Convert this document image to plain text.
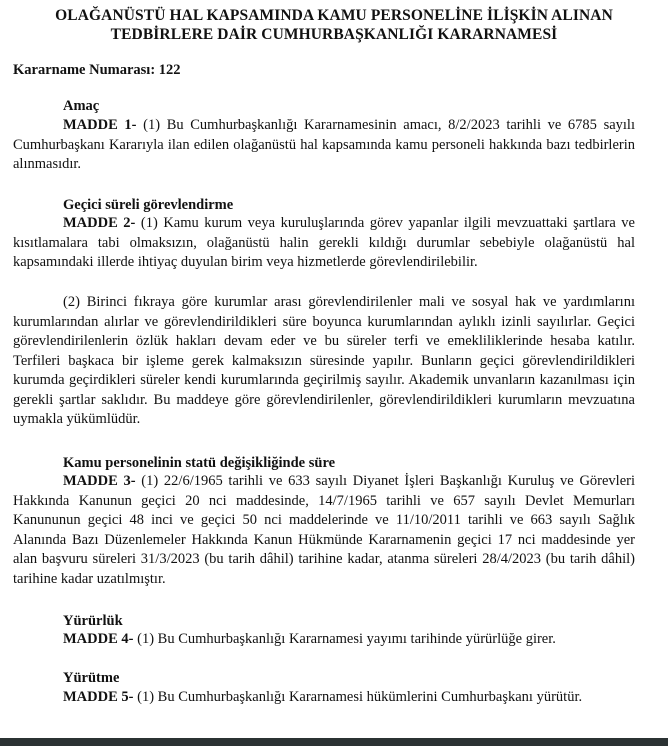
OLAĞANÜSTÜ HAL KAPSAMINDA KAMU PERSONELİNE İLİŞKİN ALINAN
TEDBİRLERE DAİR CUMHURBAŞKANLIĞI KARARNAMESİ
Kararname Numarası: 122
Amaç
MADDE 1- (1) Bu Cumhurbaşkanlığı Kararnamesinin amacı, 8/2/2023 tarihli ve 6785 sayılı Cumhurbaşkanı Kararıyla ilan edilen olağanüstü hal kapsamında kamu personeli hakkında bazı tedbirlerin alınmasıdır.
Geçici süreli görevlendirme
MADDE 2- (1) Kamu kurum veya kuruluşlarında görev yapanlar ilgili mevzuattaki şartlara ve kısıtlamalara tabi olmaksızın, olağanüstü halin gerekli kıldığı durumlar sebebiyle olağanüstü hal kapsamındaki illerde ihtiyaç duyulan birim veya hizmetlerde görevlendirilebilir.
(2) Birinci fıkraya göre kurumlar arası görevlendirilenler mali ve sosyal hak ve yardımlarını kurumlarından alırlar ve görevlendirildikleri süre boyunca kurumlarından aylıklı izinli sayılırlar. Geçici görevlendirilenlerin özlük hakları devam eder ve bu süreler terfi ve emekliliklerinde hesaba katılır. Terfileri başkaca bir işleme gerek kalmaksızın süresinde yapılır. Bunların geçici görevlendirildikleri kurumda geçirdikleri süreler kendi kurumlarında geçirilmiş sayılır. Akademik unvanların kazanılması için gerekli şartlar saklıdır. Bu maddeye göre görevlendirilenler, görevlendirildikleri kurumların mevzuatına uymakla yükümlüdür.
Kamu personelinin statü değişikliğinde süre
MADDE 3- (1) 22/6/1965 tarihli ve 633 sayılı Diyanet İşleri Başkanlığı Kuruluş ve Görevleri Hakkında Kanunun geçici 20 nci maddesinde, 14/7/1965 tarihli ve 657 sayılı Devlet Memurları Kanununun geçici 48 inci ve geçici 50 nci maddelerinde ve 11/10/2011 tarihli ve 663 sayılı Sağlık Alanında Bazı Düzenlemeler Hakkında Kanun Hükmünde Kararnamenin geçici 17 nci maddesinde yer alan başvuru süreleri 31/3/2023 (bu tarih dâhil) tarihine kadar, atanma süreleri 28/4/2023 (bu tarih dâhil) tarihine kadar uzatılmıştır.
Yürürlük
MADDE 4- (1) Bu Cumhurbaşkanlığı Kararnamesi yayımı tarihinde yürürlüğe girer.
Yürütme
MADDE 5- (1) Bu Cumhurbaşkanlığı Kararnamesi hükümlerini Cumhurbaşkanı yürütür.
